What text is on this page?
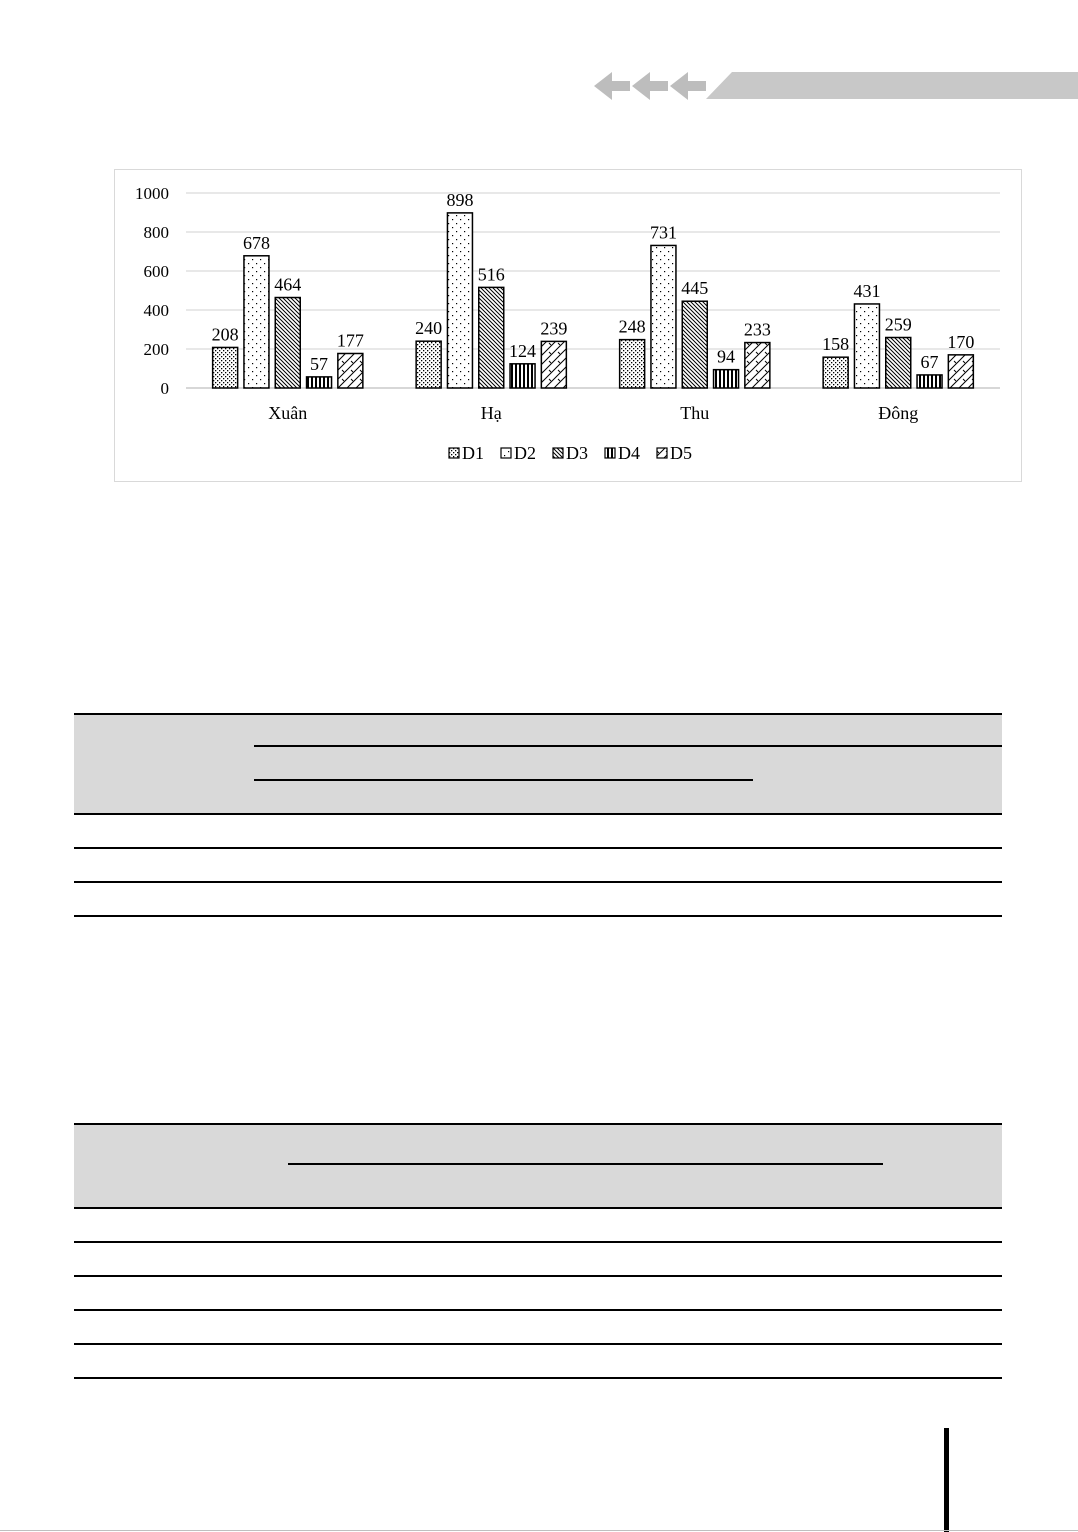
0
200
400
600
800
1000
208
678
464
57
177
Xuân
240
898
516
124
239
Hạ
248
731
445
94
233
Thu
158
431
259
67
170
Đông
D1 D2 D3 D4 D5
